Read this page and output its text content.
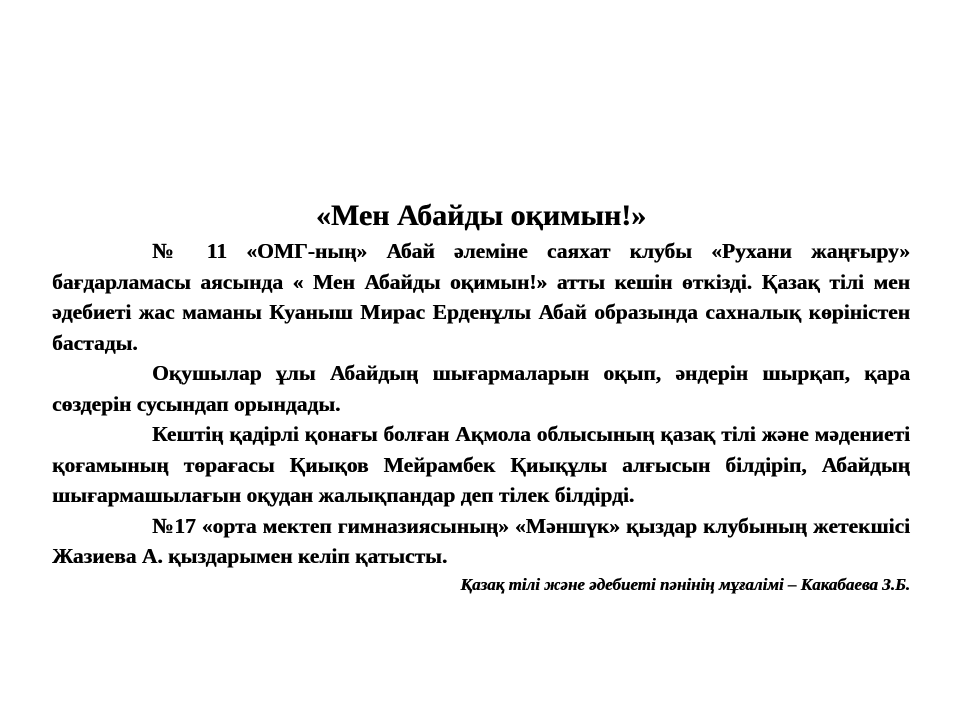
«Мен Абайды оқимын!»

№ 11 «ОМГ-ның» Абай әлеміне саяхат клубы «Рухани жаңғыру» бағдарламасы аясында « Мен Абайды оқимын!» атты кешін өткізді. Қазақ тілі мен әдебиеті жас маманы Куаныш Мирас Ерденұлы Абай образында сахналық көріністен бастады.

Оқушылар ұлы Абайдың шығармаларын оқып, әндерін шырқап, қара сөздерін сусындап орындады.

Кештің қадірлі қонағы болған Ақмола облысының қазақ тілі және мәдениеті қоғамының төрағасы Қиықов Мейрамбек Қиықұлы алғысын білдіріп, Абайдың шығармашылағын оқудан жалықпандар деп тілек білдірді.

№17 «орта мектеп гимназиясының» «Мәншүк» қыздар клубының жетекшісі Жазиева А. қыздарымен келіп қатысты.

Қазақ тілі және әдебиеті пәнінің мұғалімі – Какабаева З.Б.
